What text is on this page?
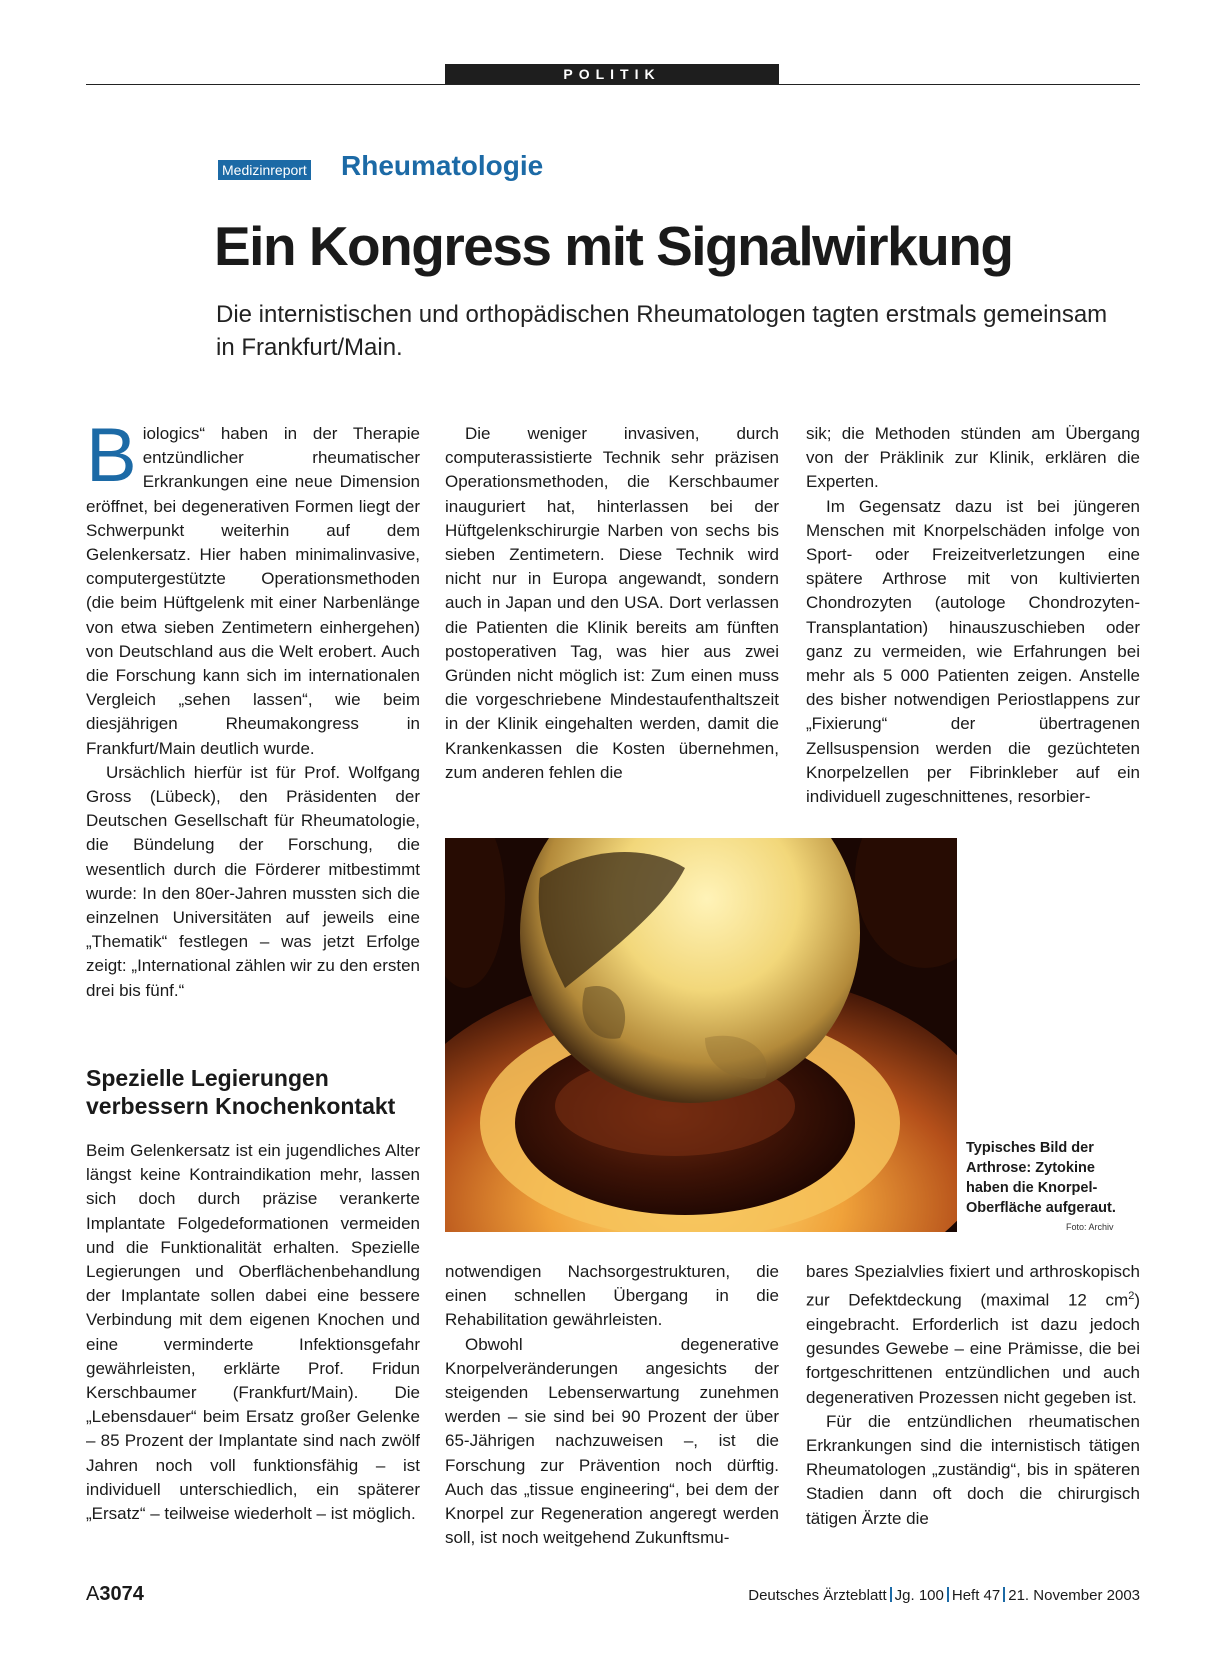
POLITIK
Medizinreport Rheumatologie
Ein Kongress mit Signalwirkung
Die internistischen und orthopädischen Rheumatologen tagten erstmals gemeinsam in Frankfurt/Main.

B iologics“ haben in der Therapie entzündlicher rheumatischer Erkrankungen eine neue Dimension eröffnet, bei degenerativen Formen liegt der Schwerpunkt weiterhin auf dem Gelenkersatz. Hier haben minimalinvasive, computergestützte Operationsmethoden (die beim Hüftgelenk mit einer Narbenlänge von etwa sieben Zentimetern einhergehen) von Deutschland aus die Welt erobert. Auch die Forschung kann sich im internationalen Vergleich „sehen lassen“, wie beim diesjährigen Rheumakongress in Frankfurt/Main deutlich wurde.

Ursächlich hierfür ist für Prof. Wolfgang Gross (Lübeck), den Präsidenten der Deutschen Gesellschaft für Rheumatologie, die Bündelung der Forschung, die wesentlich durch die Förderer mitbestimmt wurde: In den 80er-Jahren mussten sich die einzelnen Universitäten auf jeweils eine „Thematik“ festlegen – was jetzt Erfolge zeigt: „International zählen wir zu den ersten drei bis fünf.“

Spezielle Legierungen verbessern Knochenkontakt

Beim Gelenkersatz ist ein jugendliches Alter längst keine Kontraindikation mehr, lassen sich doch durch präzise verankerte Implantate Folgedeformationen vermeiden und die Funktionalität erhalten. Spezielle Legierungen und Oberflächenbehandlung der Implantate sollen dabei eine bessere Verbindung mit dem eigenen Knochen und eine verminderte Infektionsgefahr gewährleisten, erklärte Prof. Fridun Kerschbaumer (Frankfurt/Main). Die „Lebensdauer“ beim Ersatz großer Gelenke – 85 Prozent der Implantate sind nach zwölf Jahren noch voll funktionsfähig – ist individuell unterschiedlich, ein späterer „Ersatz“ – teilweise wiederholt – ist möglich.

Die weniger invasiven, durch computerassistierte Technik sehr präzisen Operationsmethoden, die Kerschbaumer inauguriert hat, hinterlassen bei der Hüftgelenkschirurgie Narben von sechs bis sieben Zentimetern. Diese Technik wird nicht nur in Europa angewandt, sondern auch in Japan und den USA. Dort verlassen die Patienten die Klinik bereits am fünften postoperativen Tag, was hier aus zwei Gründen nicht möglich ist: Zum einen muss die vorgeschriebene Mindestaufenthaltszeit in der Klinik eingehalten werden, damit die Krankenkassen die Kosten übernehmen, zum anderen fehlen die

sik; die Methoden stünden am Übergang von der Präklinik zur Klinik, erklären die Experten.

Im Gegensatz dazu ist bei jüngeren Menschen mit Knorpelschäden infolge von Sport- oder Freizeitverletzungen eine spätere Arthrose mit von kultivierten Chondrozyten (autologe Chondrozyten-Transplantation) hinauszuschieben oder ganz zu vermeiden, wie Erfahrungen bei mehr als 5 000 Patienten zeigen. Anstelle des bisher notwendigen Periostlappens zur „Fixierung“ der übertragenen Zellsuspension werden die gezüchteten Knorpelzellen per Fibrinkleber auf ein individuell zugeschnittenes, resorbier-

Typisches Bild der Arthrose: Zytokine haben die Knorpel-Oberfläche aufgeraut.
Foto: Archiv

notwendigen Nachsorgestrukturen, die einen schnellen Übergang in die Rehabilitation gewährleisten.

Obwohl degenerative Knorpelveränderungen angesichts der steigenden Lebenserwartung zunehmen werden – sie sind bei 90 Prozent der über 65-Jährigen nachzuweisen –, ist die Forschung zur Prävention noch dürftig. Auch das „tissue engineering“, bei dem der Knorpel zur Regeneration angeregt werden soll, ist noch weitgehend Zukunftsmu-

bares Spezialvlies fixiert und arthroskopisch zur Defektdeckung (maximal 12 $cm^2$) eingebracht. Erforderlich ist dazu jedoch gesundes Gewebe – eine Prämisse, die bei fortgeschrittenen entzündlichen und auch degenerativen Prozessen nicht gegeben ist.

Für die entzündlichen rheumatischen Erkrankungen sind die internistisch tätigen Rheumatologen „zuständig“, bis in späteren Stadien dann oft doch die chirurgisch tätigen Ärzte die

A3074	Deutsches Ärzteblatt Jg. 100 Heft 47 21. November 2003
